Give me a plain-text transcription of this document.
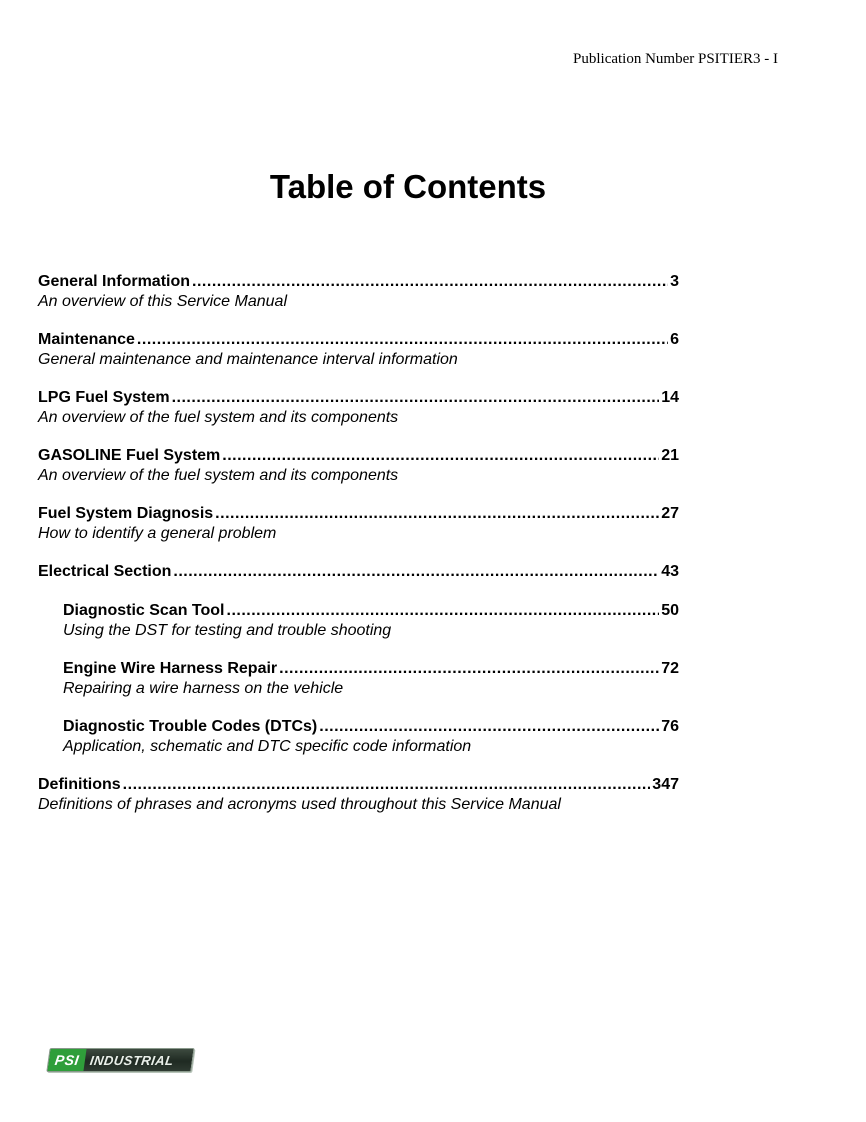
Publication Number PSITIER3 - I
Table of Contents
General Information .....	3
An overview of this Service Manual
Maintenance .....	6
General maintenance and maintenance interval information
LPG Fuel System .....	14
An overview of the fuel system and its components
GASOLINE Fuel System .....	21
An overview of the fuel system and its components
Fuel System Diagnosis .....	27
How to identify a general problem
Electrical Section .....	43
Diagnostic Scan Tool .....	50
Using the DST for testing and trouble shooting
Engine Wire Harness Repair .....	72
Repairing a wire harness on the vehicle
Diagnostic Trouble Codes (DTCs) .....	76
Application, schematic and DTC specific code information
Definitions .....	347
Definitions of phrases and acronyms used throughout this Service Manual
PSI INDUSTRIAL
